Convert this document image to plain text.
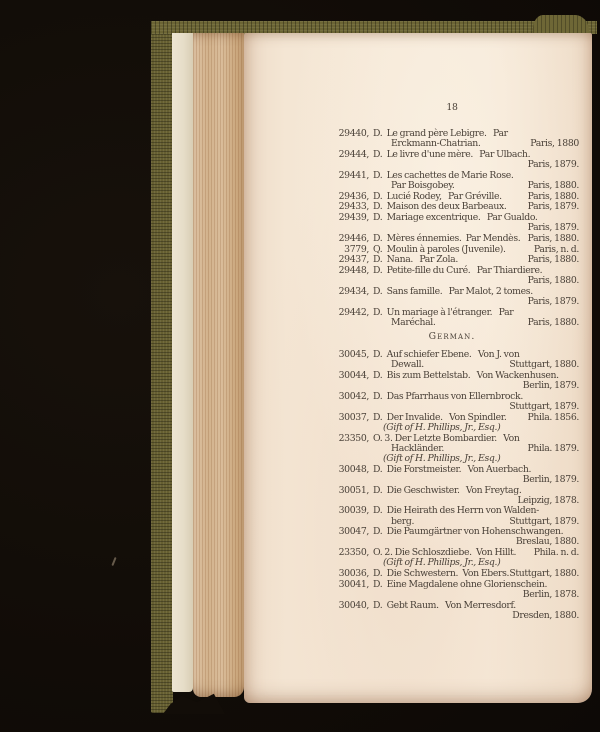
18
29440, D.  Le grand père Lebigre.   Par
Erckmann-Chatrian.	Paris, 1880
29444, D.  Le livre d'une mère.   Par Ulbach.
Paris, 1879.
29441, D.  Les cachettes de Marie Rose.
Par Boisgobey.	Paris, 1880.
29436, D.  Lucié Rodey,   Par Gréville.	Paris, 1880.
29433, D.  Maison des deux Barbeaux. Paris, 1879.
29439, D.  Mariage excentrique.   Par Gualdo.
Paris, 1879.
29446, D.  Mères énnemies.  Par Mendès. Paris, 1880.
3779, Q.  Moulin à paroles (Juvenile).	Paris, n. d.
29437, D.  Nana.   Par Zola.	Paris, 1880.
29448, D.  Petite-fille du Curé.   Par Thiardiere.
Paris, 1880.
29434, D.  Sans famille.   Par Malot, 2 tomes.
Paris, 1879.
29442, D.  Un mariage à l'étranger.   Par
Maréchal.	Paris, 1880.
German.
30045, D.  Auf schiefer Ebene.   Von J. von
Dewall.	Stuttgart, 1880.
30044, D.  Bis zum Bettelstab.   Von Wackenhusen.
Berlin, 1879.
30042, D.  Das Pfarrhaus von Ellernbrock.
Stuttgart, 1879.
30037, D.  Der Invalide.   Von Spindler. Phila. 1856.
(Gift of H. Phillips, Jr., Esq.)
23350, O. 3. Der Letzte Bombardier.   Von
Hackländer.	Phila. 1879.
(Gift of H. Phillips, Jr., Esq.)
30048, D.  Die Forstmeister.   Von Auerbach.
Berlin, 1879.
30051, D.  Die Geschwister.   Von Freytag.
Leipzig, 1878.
30039, D.  Die Heirath des Herrn von Walden-
berg.	Stuttgart, 1879.
30047, D.  Die Paumgärtner von Hohenschwangen.
Breslau, 1880.
23350, O. 2. Die Schloszdiebe.  Von Hillt. Phila. n. d.
(Gift of H. Phillips, Jr., Esq.)
30036, D.  Die Schwestern.  Von Ebers. Stuttgart, 1880.
30041, D.  Eine Magdalene ohne Glorienschein.
Berlin, 1878.
30040, D.  Gebt Raum.   Von Merresdorf.
Dresden, 1880.
